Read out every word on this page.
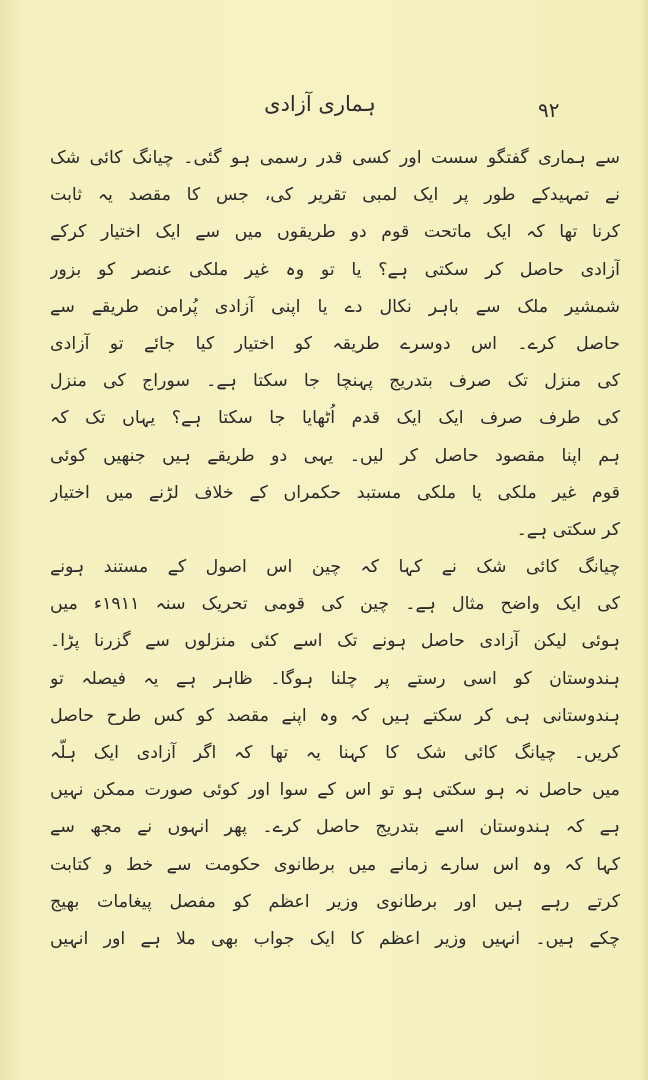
۹۲
ہماری آزادی
سے ہماری گفتگو سست اور کسی قدر رسمی ہو گئی۔ چیانگ کائی شک
نے تمہیدکے طور پر ایک لمبی تقریر کی، جس کا مقصد یہ ثابت
کرنا تھا کہ ایک ماتحت قوم دو طریقوں میں سے ایک اختیار کرکے
آزادی حاصل کر سکتی ہے؟ یا تو وہ غیر ملکی عنصر کو بزور
شمشیر ملک سے باہر نکال دے یا اپنی آزادی پُرامن طریقے سے
حاصل کرے۔ اس دوسرے طریقہ کو اختیار کیا جائے تو آزادی
کی منزل تک صرف بتدریج پہنچا جا سکتا ہے۔ سوراج کی منزل
کی طرف صرف ایک ایک قدم اُٹھایا جا سکتا ہے؟ یہاں تک کہ
ہم اپنا مقصود حاصل کر لیں۔ یہی دو طریقے ہیں جنھیں کوئی
قوم غیر ملکی یا ملکی مستبد حکمراں کے خلاف لڑنے میں اختیار
کر سکتی ہے۔
چیانگ کائی شک نے کہا کہ چین اس اصول کے مستند ہونے
کی ایک واضح مثال ہے۔ چین کی قومی تحریک سنہ ۱۹۱۱ء میں
ہوئی لیکن آزادی حاصل ہونے تک اسے کئی منزلوں سے گزرنا پڑا۔
ہندوستان کو اسی رستے پر چلنا ہوگا۔ ظاہر ہے یہ فیصلہ تو
ہندوستانی ہی کر سکتے ہیں کہ وہ اپنے مقصد کو کس طرح حاصل
کریں۔ چیانگ کائی شک کا کہنا یہ تھا کہ اگر آزادی ایک ہلّہ
میں حاصل نہ ہو سکتی ہو تو اس کے سوا اور کوئی صورت ممکن نہیں
ہے کہ ہندوستان اسے بتدریج حاصل کرے۔ پھر انہوں نے مجھ سے
کہا کہ وہ اس سارے زمانے میں برطانوی حکومت سے خط و کتابت
کرتے رہے ہیں اور برطانوی وزیر اعظم کو مفصل پیغامات بھیج
چکے ہیں۔ انہیں وزیر اعظم کا ایک جواب بھی ملا ہے اور انہیں
